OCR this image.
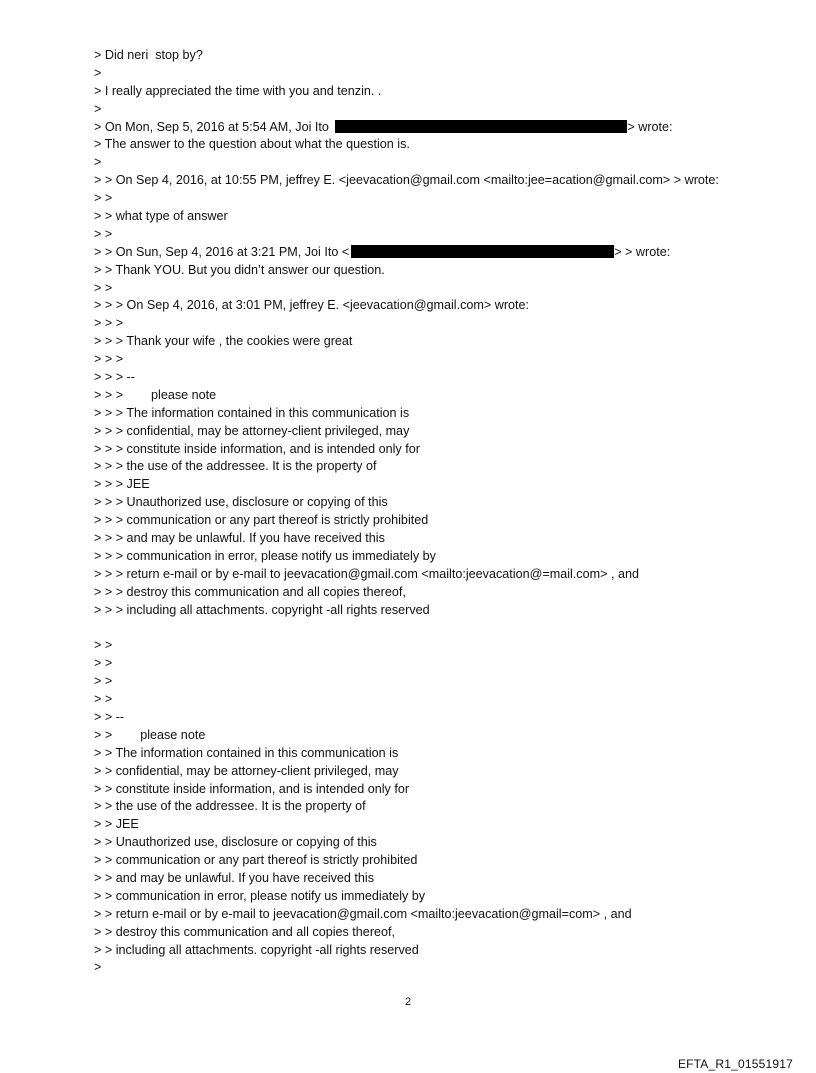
> Did neri  stop by?
>
> I really appreciated the time with you and tenzin. .
>
> On Mon, Sep 5, 2016 at 5:54 AM, Joi Ito	> wrote:
> The answer to the question about what the question is.
>
> > On Sep 4, 2016, at 10:55 PM, jeffrey E. <jeevacation@gmail.com <mailto:jee=acation@gmail.com> > wrote:
> >
> > what type of answer
> >
> > On Sun, Sep 4, 2016 at 3:21 PM, Joi Ito <	> > wrote:
> > Thank YOU. But you didn’t answer our question.
> >
> > > On Sep 4, 2016, at 3:01 PM, jeffrey E. <jeevacation@gmail.com> wrote:
> > >
> > > Thank your wife , the cookies were great
> > >
> > > --
> > >        please note
> > > The information contained in this communication is
> > > confidential, may be attorney-client privileged, may
> > > constitute inside information, and is intended only for
> > > the use of the addressee. It is the property of
> > > JEE
> > > Unauthorized use, disclosure or copying of this
> > > communication or any part thereof is strictly prohibited
> > > and may be unlawful. If you have received this
> > > communication in error, please notify us immediately by
> > > return e-mail or by e-mail to jeevacation@gmail.com <mailto:jeevacation@=mail.com> , and
> > > destroy this communication and all copies thereof,
> > > including all attachments. copyright -all rights reserved
> >
> >
> >
> >
> > --
> >        please note
> > The information contained in this communication is
> > confidential, may be attorney-client privileged, may
> > constitute inside information, and is intended only for
> > the use of the addressee. It is the property of
> > JEE
> > Unauthorized use, disclosure or copying of this
> > communication or any part thereof is strictly prohibited
> > and may be unlawful. If you have received this
> > communication in error, please notify us immediately by
> > return e-mail or by e-mail to jeevacation@gmail.com <mailto:jeevacation@gmail=com> , and
> > destroy this communication and all copies thereof,
> > including all attachments. copyright -all rights reserved
>
2
EFTA_R1_01551917
